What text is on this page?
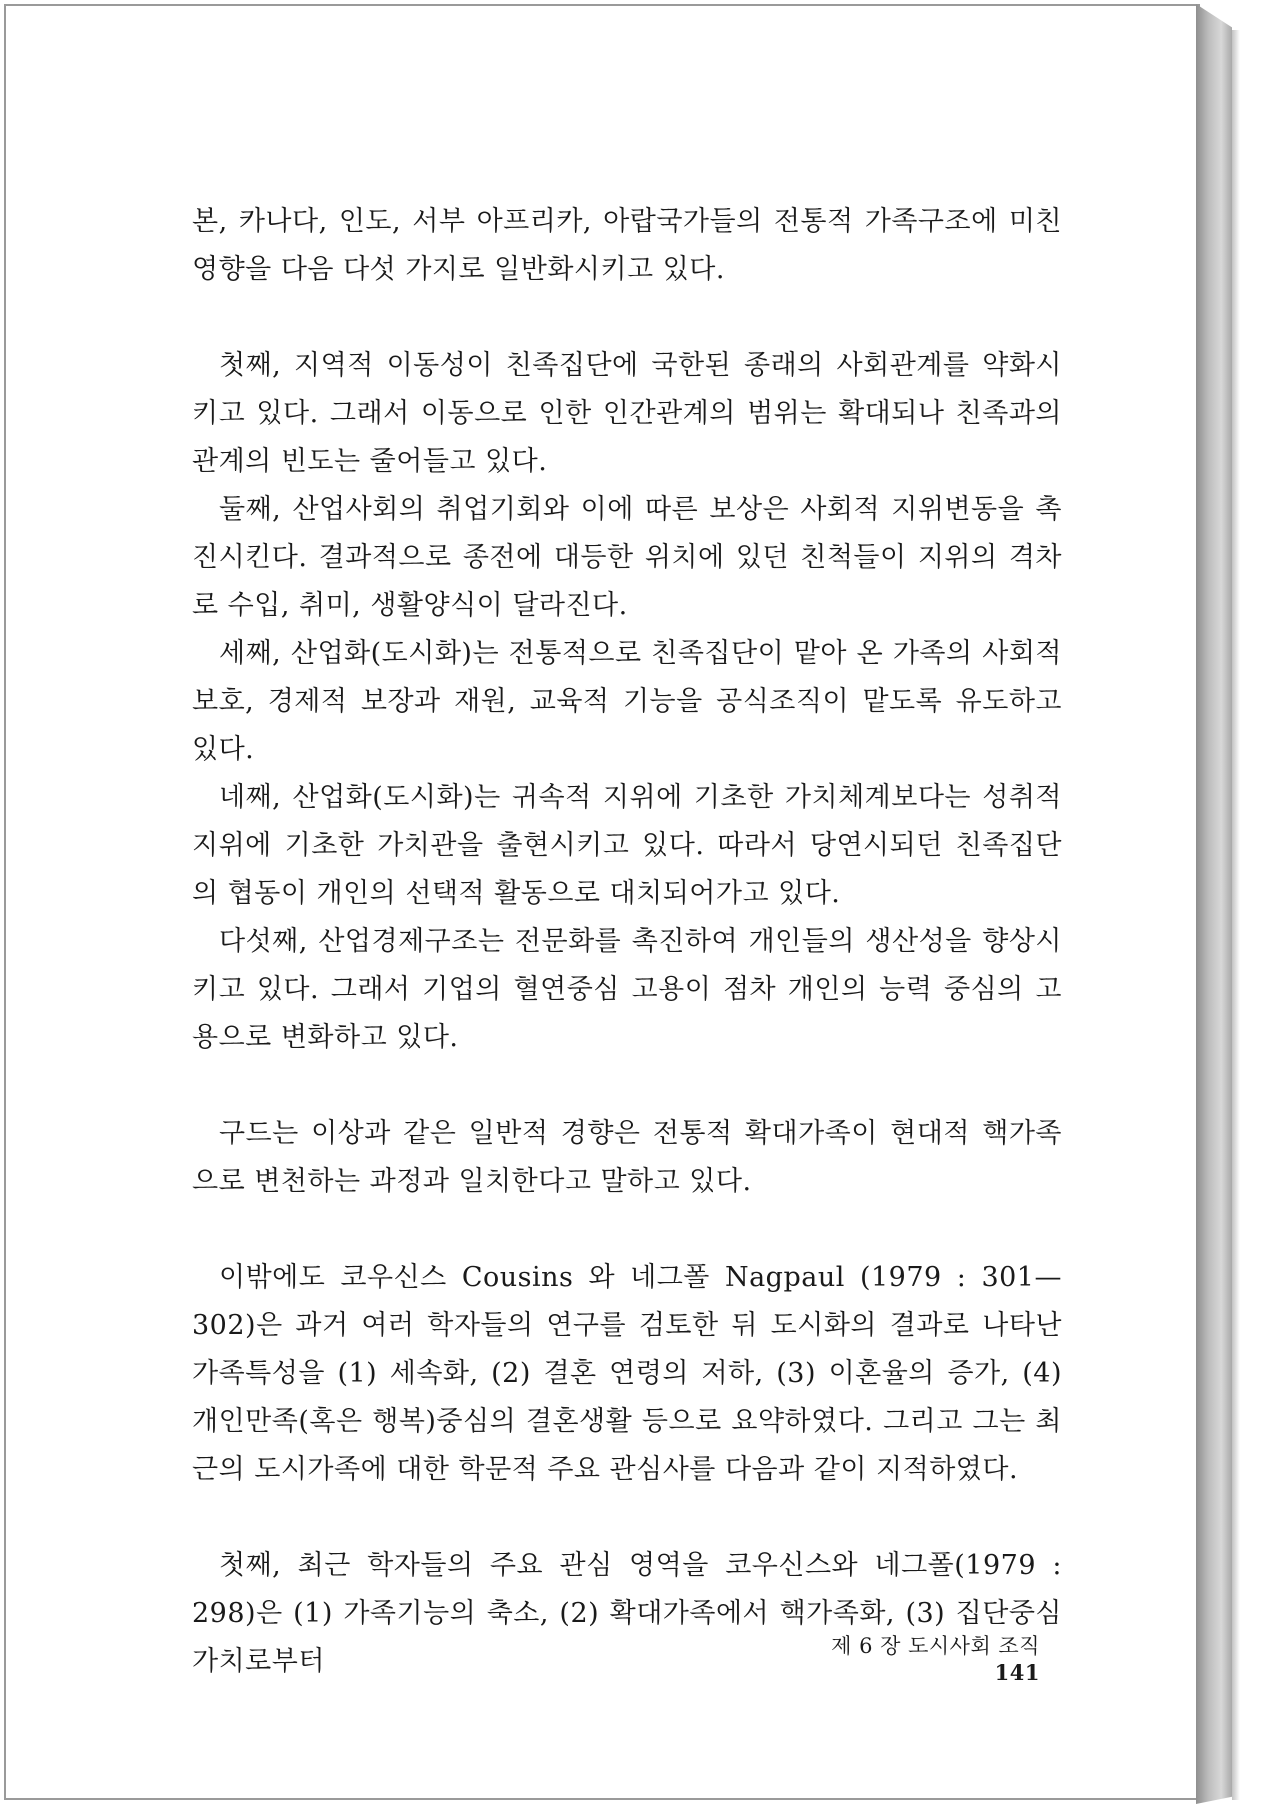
본, 카나다, 인도, 서부 아프리카, 아랍국가들의 전통적 가족구조에 미친 영향을 다음 다섯 가지로 일반화시키고 있다.

첫째, 지역적 이동성이 친족집단에 국한된 종래의 사회관계를 약화시키고 있다. 그래서 이동으로 인한 인간관계의 범위는 확대되나 친족과의 관계의 빈도는 줄어들고 있다.

둘째, 산업사회의 취업기회와 이에 따른 보상은 사회적 지위변동을 촉진시킨다. 결과적으로 종전에 대등한 위치에 있던 친척들이 지위의 격차로 수입, 취미, 생활양식이 달라진다.

세째, 산업화(도시화)는 전통적으로 친족집단이 맡아 온 가족의 사회적보호, 경제적 보장과 재원, 교육적 기능을 공식조직이 맡도록 유도하고 있다.

네째, 산업화(도시화)는 귀속적 지위에 기초한 가치체계보다는 성취적 지위에 기초한 가치관을 출현시키고 있다. 따라서 당연시되던 친족집단의 협동이 개인의 선택적 활동으로 대치되어가고 있다.

다섯째, 산업경제구조는 전문화를 촉진하여 개인들의 생산성을 향상시키고 있다. 그래서 기업의 혈연중심 고용이 점차 개인의 능력 중심의 고용으로 변화하고 있다.

구드는 이상과 같은 일반적 경향은 전통적 확대가족이 현대적 핵가족으로 변천하는 과정과 일치한다고 말하고 있다.

이밖에도 코우신스 Cousins 와 네그폴 Nagpaul (1979 : 301—302)은 과거 여러 학자들의 연구를 검토한 뒤 도시화의 결과로 나타난 가족특성을 (1) 세속화, (2) 결혼 연령의 저하, (3) 이혼율의 증가, (4) 개인만족(혹은 행복)중심의 결혼생활 등으로 요약하였다. 그리고 그는 최근의 도시가족에 대한 학문적 주요 관심사를 다음과 같이 지적하였다.

첫째, 최근 학자들의 주요 관심 영역을 코우신스와 네그폴(1979 : 298)은 (1) 가족기능의 축소, (2) 확대가족에서 핵가족화, (3) 집단중심가치로부터	제 6 장 도시사회 조직141
